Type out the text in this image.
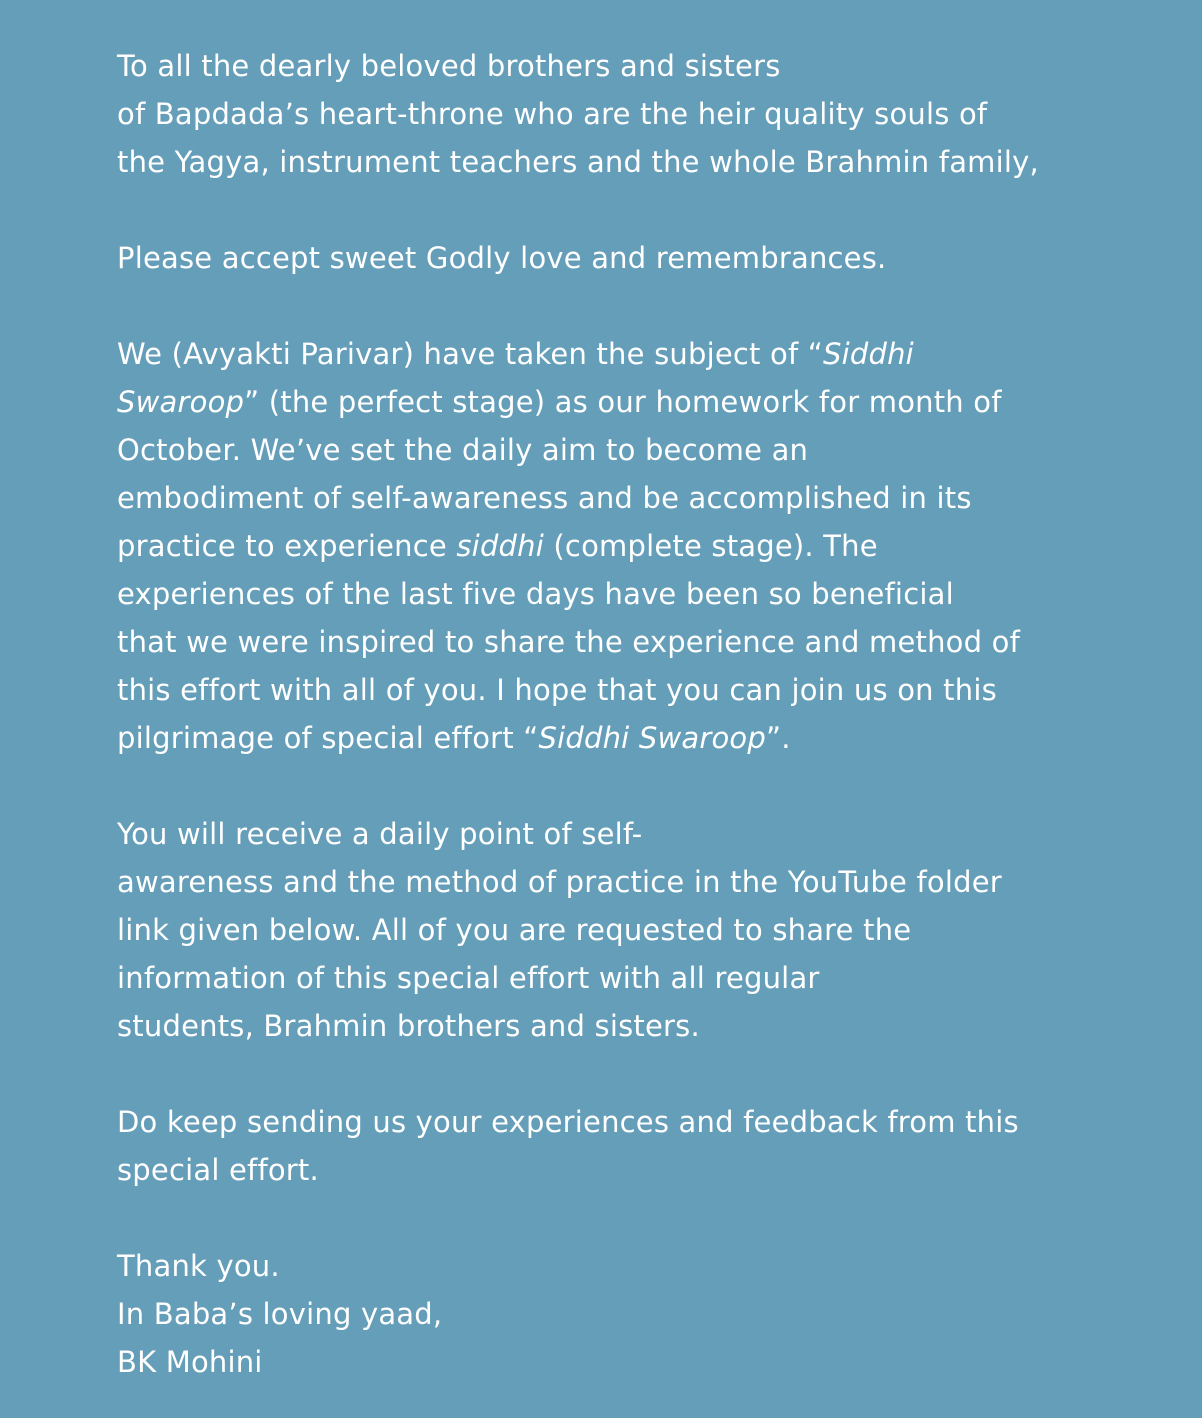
To all the dearly beloved brothers and sisters
of Bapdada’s heart-throne who are the heir quality souls of
the Yagya, instrument teachers and the whole Brahmin family,
Please accept sweet Godly love and remembrances.
We (Avyakti Parivar) have taken the subject of “Siddhi
Swaroop” (the perfect stage) as our homework for month of
October. We’ve set the daily aim to become an
embodiment of self-awareness and be accomplished in its
practice to experience siddhi (complete stage). The
experiences of the last five days have been so beneficial
that we were inspired to share the experience and method of
this effort with all of you. I hope that you can join us on this
pilgrimage of special effort “Siddhi Swaroop”.
You will receive a daily point of self-
awareness and the method of practice in the YouTube folder
link given below. All of you are requested to share the
information of this special effort with all regular
students, Brahmin brothers and sisters.
Do keep sending us your experiences and feedback from this
special effort.
Thank you.
In Baba’s loving yaad,
BK Mohini
